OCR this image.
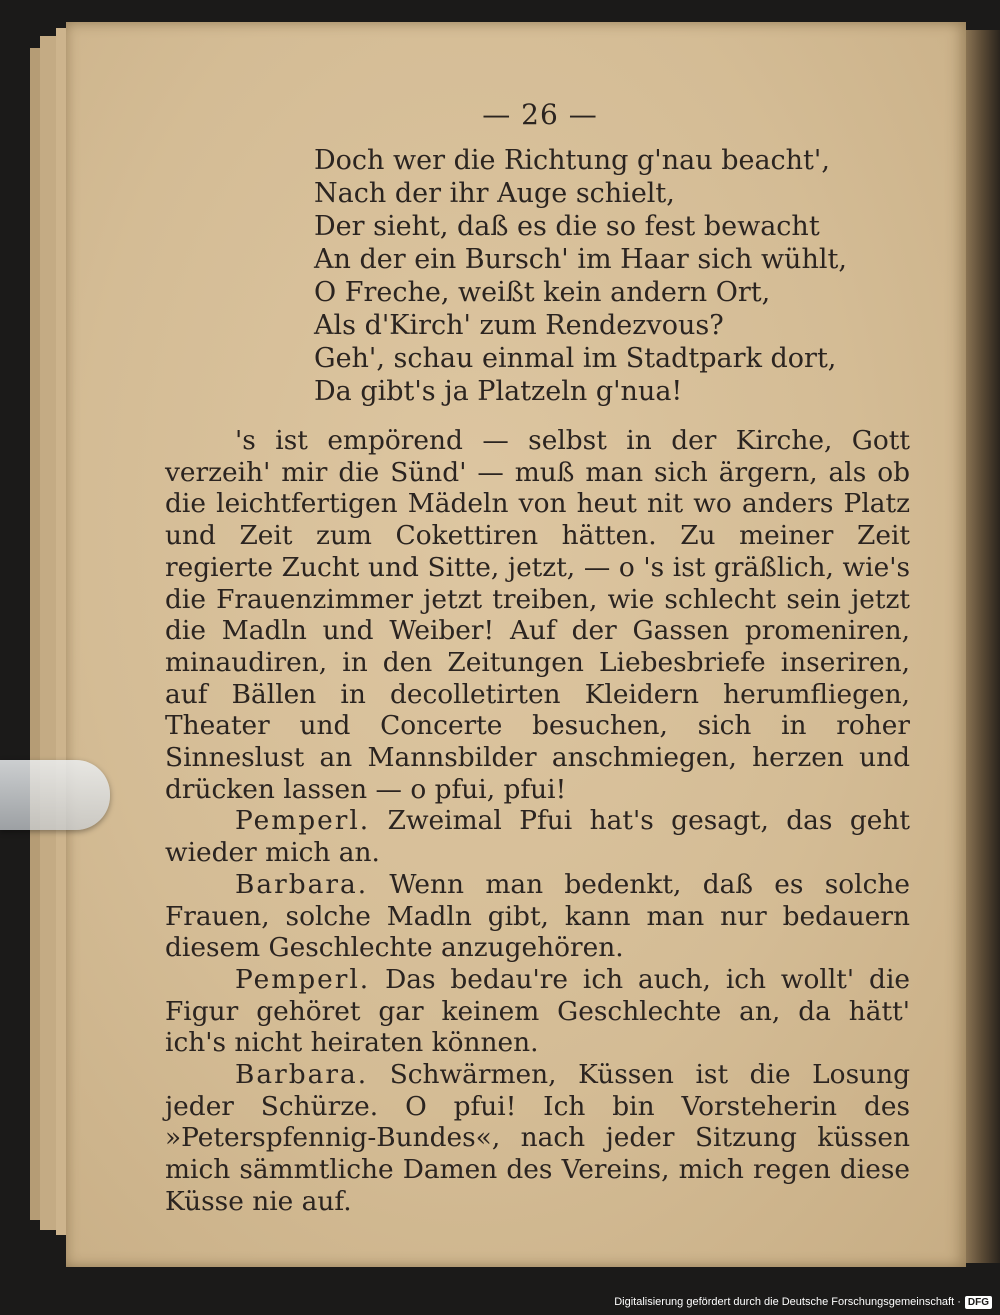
— 26 —
Doch wer die Richtung g'nau beacht',
Nach der ihr Auge schielt,
Der sieht, daß es die so fest bewacht
An der ein Bursch' im Haar sich wühlt,
O Freche, weißt kein andern Ort,
Als d'Kirch' zum Rendezvous?
Geh', schau einmal im Stadtpark dort,
Da gibt's ja Platzeln g'nua!

's ist empörend — selbst in der Kirche, Gott verzeih' mir die Sünd' — muß man sich ärgern, als ob die leichtfertigen Mädeln von heut nit wo anders Platz und Zeit zum Cokettiren hätten. Zu meiner Zeit regierte Zucht und Sitte, jetzt, — o 's ist gräßlich, wie's die Frauenzimmer jetzt treiben, wie schlecht sein jetzt die Madln und Weiber! Auf der Gassen promeniren, minaudiren, in den Zeitungen Liebesbriefe inseriren, auf Bällen in decolletirten Kleidern herumfliegen, Theater und Concerte besuchen, sich in roher Sinneslust an Mannsbilder anschmiegen, herzen und drücken lassen — o pfui, pfui!

Pemperl. Zweimal Pfui hat's gesagt, das geht wieder mich an.

Barbara. Wenn man bedenkt, daß es solche Frauen, solche Madln gibt, kann man nur bedauern diesem Geschlechte anzugehören.

Pemperl. Das bedau're ich auch, ich wollt' die Figur gehöret gar keinem Geschlechte an, da hätt' ich's nicht heiraten können.

Barbara. Schwärmen, Küssen ist die Losung jeder Schürze. O pfui! Ich bin Vorsteherin des »Peterspfennig-Bundes«, nach jeder Sitzung küssen mich sämmtliche Damen des Vereins, mich regen diese Küsse nie auf.

Digitalisierung gefördert durch die Deutsche Forschungsgemeinschaft · DFG
